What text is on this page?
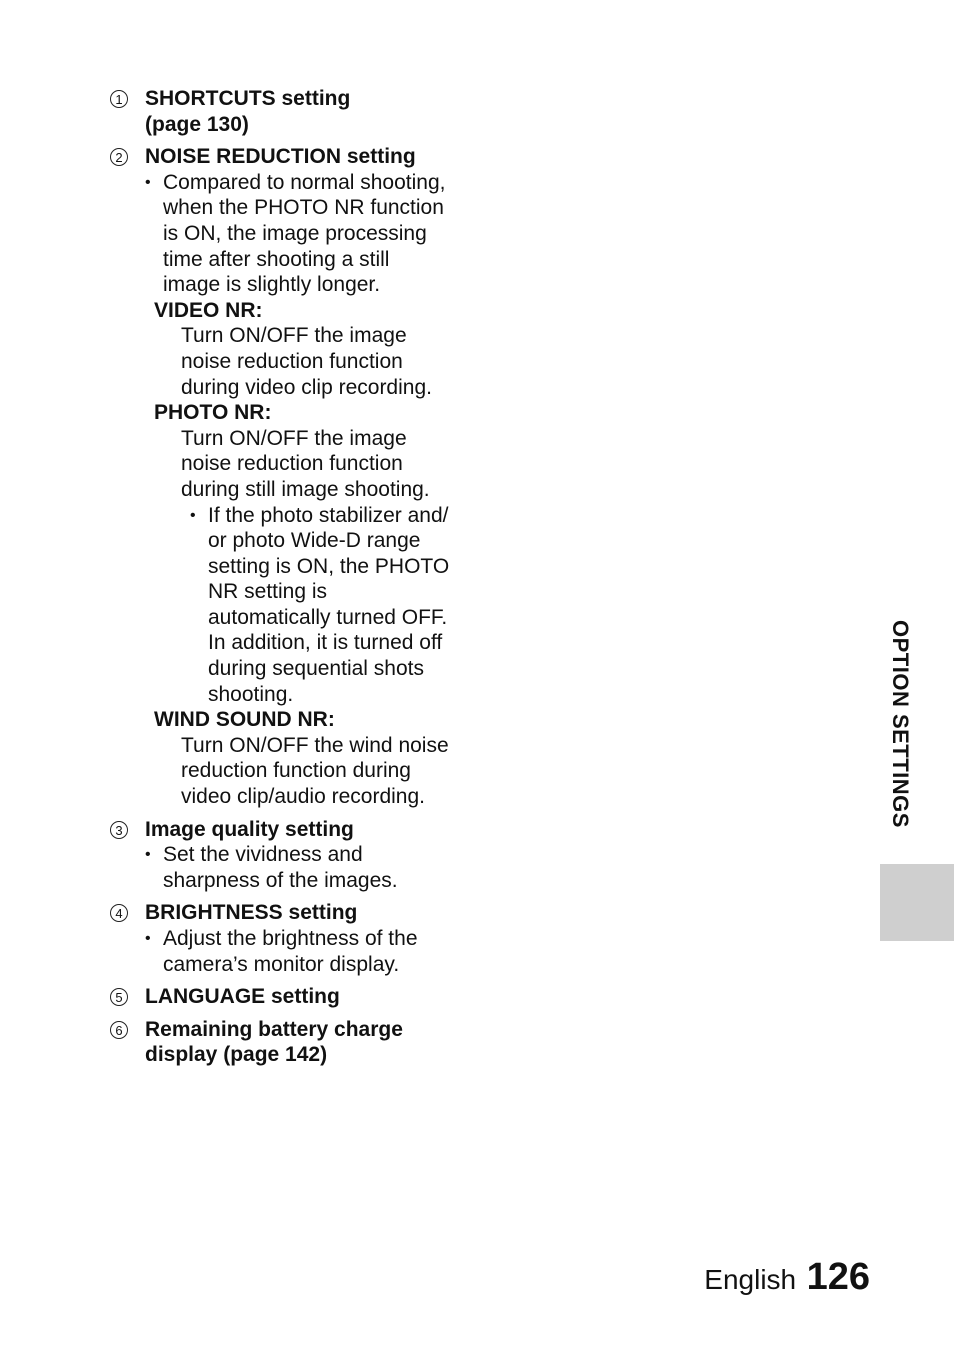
1 SHORTCUTS setting
(page 130)
2 NOISE REDUCTION setting
• Compared to normal shooting,
when the PHOTO NR function
is ON, the image processing
time after shooting a still
image is slightly longer.
VIDEO NR:
Turn ON/OFF the image
noise reduction function
during video clip recording.
PHOTO NR:
Turn ON/OFF the image
noise reduction function
during still image shooting.
• If the photo stabilizer and/
or photo Wide-D range
setting is ON, the PHOTO
NR setting is
automatically turned OFF.
In addition, it is turned off
during sequential shots
shooting.
WIND SOUND NR:
Turn ON/OFF the wind noise
reduction function during
video clip/audio recording.
3 Image quality setting
• Set the vividness and
sharpness of the images.
4 BRIGHTNESS setting
• Adjust the brightness of the
camera’s monitor display.
5 LANGUAGE setting
6 Remaining battery charge
display (page 142)
OPTION SETTINGS
English 126
